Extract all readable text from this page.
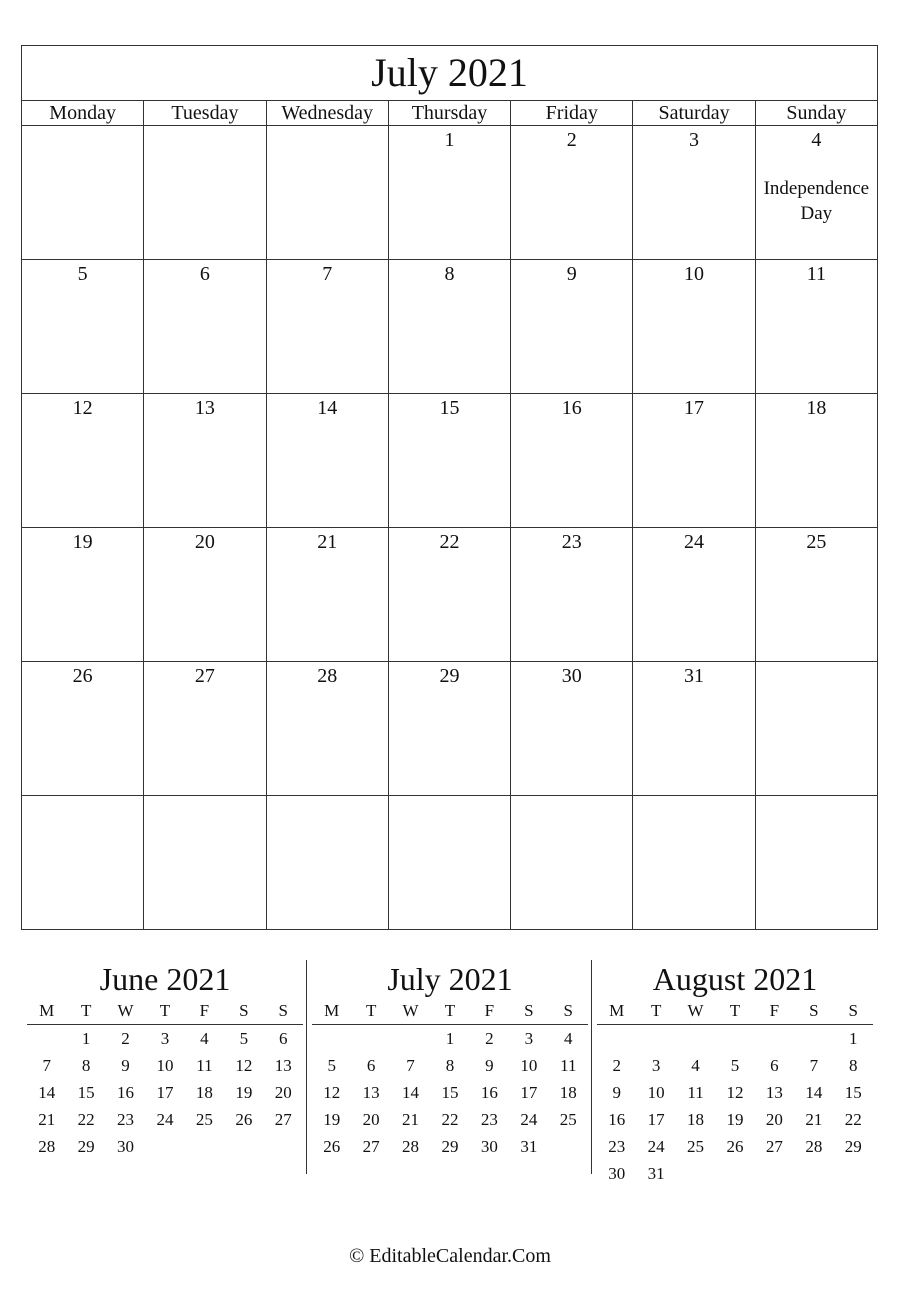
July 2021						
Monday	Tuesday	Wednesday	Thursday	Friday	Saturday	Sunday

			1	2	3	4
Independence Day

5	6	7	8	9	10	11

12	13	14	15	16	17	18

19	20	21	22	23	24	25

26	27	28	29	30	31	

June 2021
M	T	W	T	F	S	S
	1	2	3	4	5	6
7	8	9	10	11	12	13
14	15	16	17	18	19	20
21	22	23	24	25	26	27
28	29	30				
July 2021
M	T	W	T	F	S	S
			1	2	3	4
5	6	7	8	9	10	11
12	13	14	15	16	17	18
19	20	21	22	23	24	25
26	27	28	29	30	31	
August 2021
M	T	W	T	F	S	S
						1
2	3	4	5	6	7	8
9	10	11	12	13	14	15
16	17	18	19	20	21	22
23	24	25	26	27	28	29
30	31					
© EditableCalendar.Com
